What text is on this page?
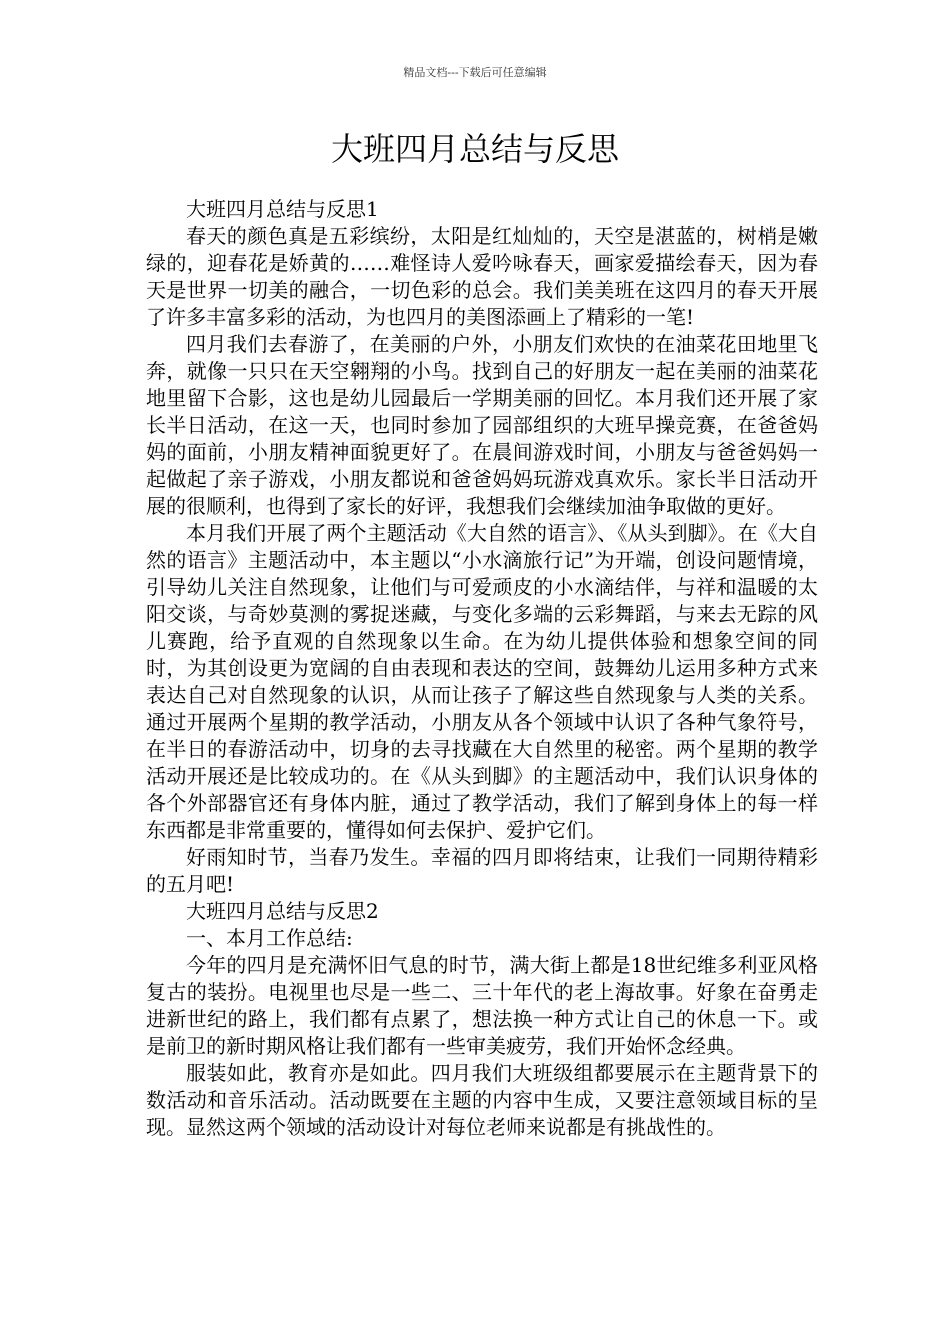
精品文档---下载后可任意编辑
大班四月总结与反思

大班四月总结与反思1

春天的颜色真是五彩缤纷，太阳是红灿灿的，天空是湛蓝的，树梢是嫩绿的，迎春花是娇黄的……难怪诗人爱吟咏春天，画家爱描绘春天，因为春天是世界一切美的融合，一切色彩的总会。我们美美班在这四月的春天开展了许多丰富多彩的活动，为也四月的美图添画上了精彩的一笔!

四月我们去春游了，在美丽的户外，小朋友们欢快的在油菜花田地里飞奔，就像一只只在天空翱翔的小鸟。找到自己的好朋友一起在美丽的油菜花地里留下合影，这也是幼儿园最后一学期美丽的回忆。本月我们还开展了家长半日活动，在这一天，也同时参加了园部组织的大班早操竞赛，在爸爸妈妈的面前，小朋友精神面貌更好了。在晨间游戏时间，小朋友与爸爸妈妈一起做起了亲子游戏，小朋友都说和爸爸妈妈玩游戏真欢乐。家长半日活动开展的很顺利，也得到了家长的好评，我想我们会继续加油争取做的更好。

本月我们开展了两个主题活动《大自然的语言》、《从头到脚》。在《大自然的语言》主题活动中，本主题以“小水滴旅行记”为开端，创设问题情境，引导幼儿关注自然现象，让他们与可爱顽皮的小水滴结伴，与祥和温暖的太阳交谈，与奇妙莫测的雾捉迷藏，与变化多端的云彩舞蹈，与来去无踪的风儿赛跑，给予直观的自然现象以生命。在为幼儿提供体验和想象空间的同时，为其创设更为宽阔的自由表现和表达的空间，鼓舞幼儿运用多种方式来表达自己对自然现象的认识，从而让孩子了解这些自然现象与人类的关系。通过开展两个星期的教学活动，小朋友从各个领域中认识了各种气象符号，在半日的春游活动中，切身的去寻找藏在大自然里的秘密。两个星期的教学活动开展还是比较成功的。在《从头到脚》的主题活动中，我们认识身体的各个外部器官还有身体内脏，通过了教学活动，我们了解到身体上的每一样东西都是非常重要的，懂得如何去保护、爱护它们。

好雨知时节，当春乃发生。幸福的四月即将结束，让我们一同期待精彩的五月吧!

大班四月总结与反思2

一、本月工作总结:

今年的四月是充满怀旧气息的时节，满大街上都是18世纪维多利亚风格复古的装扮。电视里也尽是一些二、三十年代的老上海故事。好象在奋勇走进新世纪的路上，我们都有点累了，想法换一种方式让自己的休息一下。或是前卫的新时期风格让我们都有一些审美疲劳，我们开始怀念经典。

服装如此，教育亦是如此。四月我们大班级组都要展示在主题背景下的数活动和音乐活动。活动既要在主题的内容中生成，又要注意领域目标的呈现。显然这两个领域的活动设计对每位老师来说都是有挑战性的。
